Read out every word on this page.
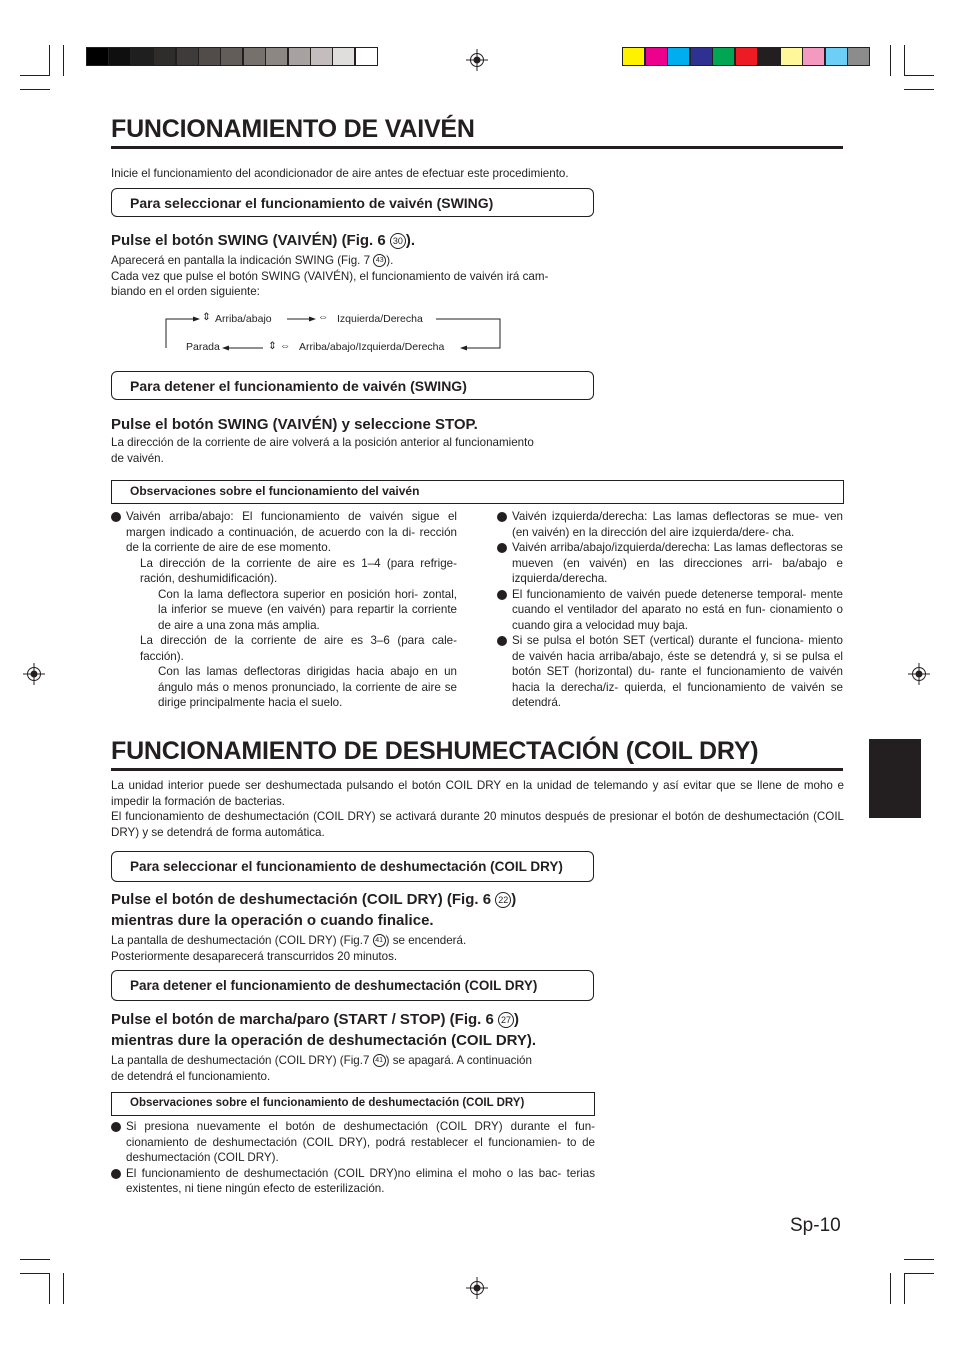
FUNCIONAMIENTO DE VAIVÉN
Inicie el funcionamiento del acondicionador de aire antes de efectuar este procedimiento.
Para seleccionar el funcionamiento de vaivén (SWING)
Pulse el botón SWING (VAIVÉN) (Fig. 6 30 ).
Aparecerá en pantalla la indicación SWING (Fig. 7 43 ).
Cada vez que pulse el botón SWING (VAIVÉN), el funcionamiento de vaivén irá cam-
biando en el orden siguiente:
⇕ Arriba/abajo	⇔ Izquierda/Derecha
Parada	⇕ ⇔ Arriba/abajo/Izquierda/Derecha
Para detener el funcionamiento de vaivén (SWING)
Pulse el botón SWING (VAIVÉN) y seleccione STOP.
La dirección de la corriente de aire volverá a la posición anterior al funcionamiento
de vaivén.
Observaciones sobre el funcionamiento del vaivén
Vaivén arriba/abajo: El funcionamiento de vaivén sigue el margen indicado a continuación, de acuerdo con la di- rección de la corriente de aire de ese momento.
La dirección de la corriente de aire es 1–4 (para refrige- ración, deshumidificación).
Con la lama deflectora superior en posición hori- zontal, la inferior se mueve (en vaivén) para repartir la corriente de aire a una zona más amplia.
La dirección de la corriente de aire es 3–6 (para cale- facción).
Con las lamas deflectoras dirigidas hacia abajo en un ángulo más o menos pronunciado, la corriente de aire se dirige principalmente hacia el suelo.
Vaivén izquierda/derecha: Las lamas deflectoras se mue- ven (en vaivén) en la dirección del aire izquierda/dere- cha.
Vaivén arriba/abajo/izquierda/derecha: Las lamas deflectoras se mueven (en vaivén) en las direcciones arri- ba/abajo e izquierda/derecha.
El funcionamiento de vaivén puede detenerse temporal- mente cuando el ventilador del aparato no está en fun- cionamiento o cuando gira a velocidad muy baja.
Si se pulsa el botón SET (vertical) durante el funciona- miento de vaivén hacia arriba/abajo, éste se detendrá y, si se pulsa el botón SET (horizontal) du- rante el funcionamiento de vaivén hacia la derecha/iz- quierda, el funcionamiento de vaivén se detendrá.
FUNCIONAMIENTO DE DESHUMECTACIÓN (COIL DRY)
La unidad interior puede ser deshumectada pulsando el botón COIL DRY en la unidad de telemando y así evitar que se llene de moho e impedir la formación de bacterias.
El funcionamiento de deshumectación (COIL DRY) se activará durante 20 minutos después de presionar el botón de deshumectación (COIL DRY) y se detendrá de forma automática.
Para seleccionar el funcionamiento de deshumectación (COIL DRY)
Pulse el botón de deshumectación (COIL DRY) (Fig. 6 22 )
mientras dure la operación o cuando finalice.
La pantalla de deshumectación (COIL DRY) (Fig.7 41 ) se encenderá.
Posteriormente desaparecerá transcurridos 20 minutos.
Para detener el funcionamiento de deshumectación (COIL DRY)
Pulse el botón de marcha/paro (START / STOP) (Fig. 6 27 )
mientras dure la operación de deshumectación (COIL DRY).
La pantalla de deshumectación (COIL DRY) (Fig.7 41 ) se apagará. A continuación
de detendrá el funcionamiento.
Observaciones sobre el funcionamiento de deshumectación (COIL DRY)
Si presiona nuevamente el botón de deshumectación (COIL DRY) durante el fun- cionamiento de deshumectación (COIL DRY), podrá restablecer el funcionamien- to de deshumectación (COIL DRY).
El funcionamiento de deshumectación (COIL DRY)no elimina el moho o las bac- terias existentes, ni tiene ningún efecto de esterilización.
Sp-10
